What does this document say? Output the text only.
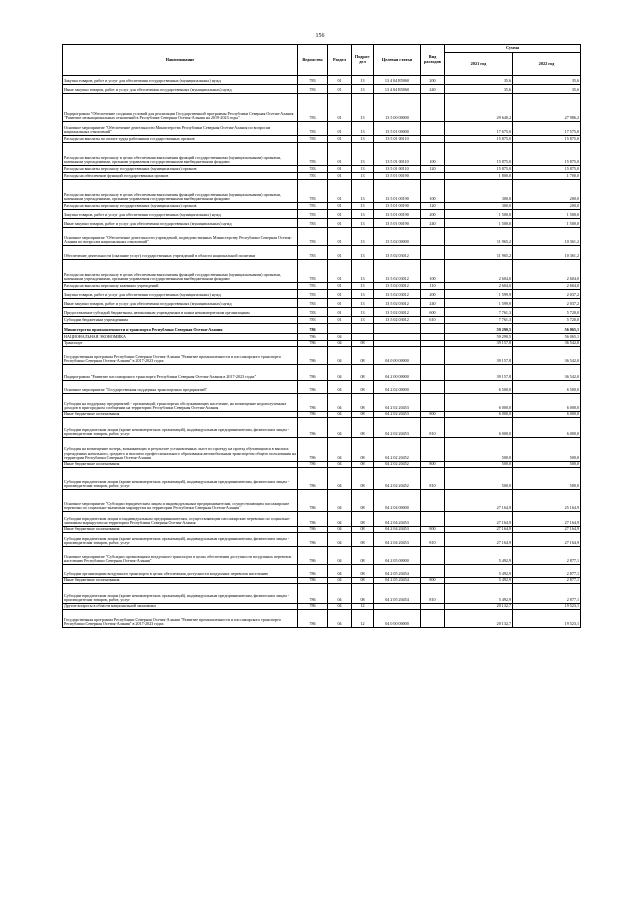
156
Наименование	Ведомство	Раздел	Подраз-дел	Целевая статья	Вид расходов	Сумма	
						2021 год	2022 год
Закупка товаров, работ и услуг для обеспечения государственных (муниципальных) нужд	783	01	13	13 4 04 R5060	200	35,6	35,6
Иные закупки товаров, работ и услуг для обеспечения государственных (муниципальных) нужд	783	01	13	13 4 04 R5060	240	35,6	35,6
Подпрограмма "Обеспечение создания условий для реализации Государственной программы Республики Северная Осетия-Алания "Развитие межнациональных отношений в Республике Северная Осетия-Алания на 2019-2023 годы"	783	01	13	13 5 00 00000		29 640,2	27 986,2
Основное мероприятие "Обеспечение деятельности Министерства Республики Северная Осетия-Алания по вопросам национальных отношений"	783	01	13	13 5 01 00000		17 675,0	17 575,0
Расходы на выплаты по оплате труда работников государственных органов	783	01	13	13 5 01 00110		15 875,0	15 875,0
Расходы на выплаты персоналу в целях обеспечения выполнения функций государственными (муниципальными) органами, казенными учреждениями, органами управления государственными внебюджетными фондами	783	01	13	13 5 01 00110	100	15 875,0	15 875,0
Расходы на выплаты персоналу государственных (муниципальных) органов	783	01	13	13 5 01 00110	120	15 875,0	15 875,0
Расходы на обеспечение функций государственных органов	783	01	13	13 5 01 00190		1 800,0	1 700,0
Расходы на выплаты персоналу в целях обеспечения выполнения функций государственными (муниципальными) органами, казенными учреждениями, органами управления государственными внебюджетными фондами	783	01	13	13 5 01 00190	100	300,0	200,0
Расходы на выплаты персоналу государственных (муниципальных) органов	783	01	13	13 5 01 00190	120	300,0	200,0
Закупка товаров, работ и услуг для обеспечения государственных (муниципальных) нужд	783	01	13	13 5 01 00190	200	1 500,0	1 500,0
Иные закупки товаров, работ и услуг для обеспечения государственных (муниципальных) нужд	783	01	13	13 5 01 00190	240	1 500,0	1 500,0
Основное мероприятие "Обеспечение деятельности учреждений, подведомственных Министерству Республики Северная Осетия-Алания по вопросам национальных отношений"	783	01	13	13 5 02 00000		11 965,2	10 361,2
Обеспечение деятельности (оказание услуг) государственных учреждений в области национальной политики	783	01	13	13 5 02 03012		11 965,2	10 361,2
Расходы на выплаты персоналу в целях обеспечения выполнения функций государственными (муниципальными) органами, казенными учреждениями, органами управления государственными внебюджетными фондами	783	01	13	13 5 02 03012	100	2 604,0	2 604,0
Расходы на выплаты персоналу казенных учреждений	783	01	13	13 5 02 03012	110	2 604,0	2 604,0
Закупка товаров, работ и услуг для обеспечения государственных (муниципальных) нужд	783	01	13	13 5 02 03012	200	1 599,9	2 037,2
Иные закупки товаров, работ и услуг для обеспечения государственных (муниципальных) нужд	783	01	13	13 5 02 03012	240	1 599,9	2 037,2
Предоставление субсидий бюджетным, автономным учреждениям и иным некоммерческим организациям	783	01	13	13 5 02 03012	600	7 761,3	5 720,0
Субсидии бюджетным учреждениям	783	01	13	13 5 02 03012	610	7 761,3	5 720,0
Министерство промышленности и транспорта Республики Северная Осетия-Алания	786					59 290,5	56 065,1
НАЦИОНАЛЬНАЯ ЭКОНОМИКА	786	04				59 290,5	56 065,1
Транспорт	786	04	08			39 157,8	36 542,0
Государственная программа Республики Северная Осетия-Алания "Развитие промышленности и пассажирского транспорта Республики Северная Осетия-Алания" в 2017-2023 годах	786	04	08	04 0 00 00000		39 157,8	36 542,0
Подпрограмма "Развитие пассажирского транспорта Республики Северная Осетия-Алания в 2017-2023 годах"	786	04	08	04 2 00 00000		39 157,8	36 542,0
Основное мероприятие "Государственная поддержка транспортных предприятий"	786	04	08	04 2 02 00000		6 500,0	6 500,0
Субсидия на поддержку предприятий - организаций, транспортно обслуживающих население, на возмещение недополученных доходов в пригородном сообщении на территории Республики Северная Осетия-Алания	786	04	08	04 2 02 20453		6 000,0	6 000,0
Иные бюджетные ассигнования	786	04	08	04 2 02 20453	800	6 000,0	6 000,0
Субсидии юридическим лицам (кроме некоммерческих организаций), индивидуальным предпринимателям, физическим лицам - производителям товаров, работ, услуг	786	04	08	04 2 02 20453	810	6 000,0	6 000,0
Субсидия на возмещение потерь, возникающих в результате установленных льгот по проезду на проезд обучающимся в высших учреждениях начального, среднего и высшего профессионального образования автомобильным транспортом общего пользования на территории Республики Северная Осетия-Алания	786	04	08	04 2 02 20452		500,0	500,0
Иные бюджетные ассигнования	786	04	08	04 2 02 20452	800	500,0	500,0
Субсидии юридическим лицам (кроме некоммерческих организаций), индивидуальным предпринимателям, физическим лицам - производителям товаров, работ, услуг	786	04	08	04 2 02 20452	810	500,0	500,0
Основное мероприятие "Субсидии юридическим лицам и индивидуальным предпринимателям, осуществляющим пассажирские перевозки по социально-значимым маршрутам на территории Республики Северная Осетия-Алания"	786	04	08	04 2 04 00000		27 164,9	25 164,9
Субсидии юридическим лицам и индивидуальным предпринимателям, осуществляющим пассажирские перевозки по социально-значимым маршрутам на территории Республики Северная Осетия-Алания	786	04	08	04 2 04 20453		27 164,9	27 164,9
Иные бюджетные ассигнования	786	04	08	04 2 04 20453	800	27 164,9	27 164,9
Субсидии юридическим лицам (кроме некоммерческих организаций), индивидуальным предпринимателям, физическим лицам - производителям товаров, работ, услуг	786	04	08	04 2 04 20453	810	27 164,9	27 164,9
Основное мероприятие "Субсидии организациям воздушного транспорта в целях обеспечения доступности воздушных перевозок населению Республики Северная Осетия-Алания"	786	04	08	04 2 05 00000		5 492,9	2 877,1
Субсидии организациям воздушного транспорта в целях обеспечения доступности воздушных перевозок населению	786	04	08	04 2 05 20454		5 492,9	2 877,1
Иные бюджетные ассигнования	786	04	08	04 2 05 20454	800	5 492,9	2 877,1
Субсидии юридическим лицам (кроме некоммерческих организаций), индивидуальным предпринимателям, физическим лицам - производителям товаров, работ, услуг	786	04	08	04 2 05 20454	810	5 492,9	2 877,1
Другие вопросы в области национальной экономики	786	04	12			20 132,7	19 523,1
Государственная программа Республики Северная Осетия-Алания "Развитие промышленности и пассажирского транспорта Республики Северная Осетия-Алания" в 2017-2023 годах	786	04	12	04 0 00 00000		20 132,7	19 523,1
